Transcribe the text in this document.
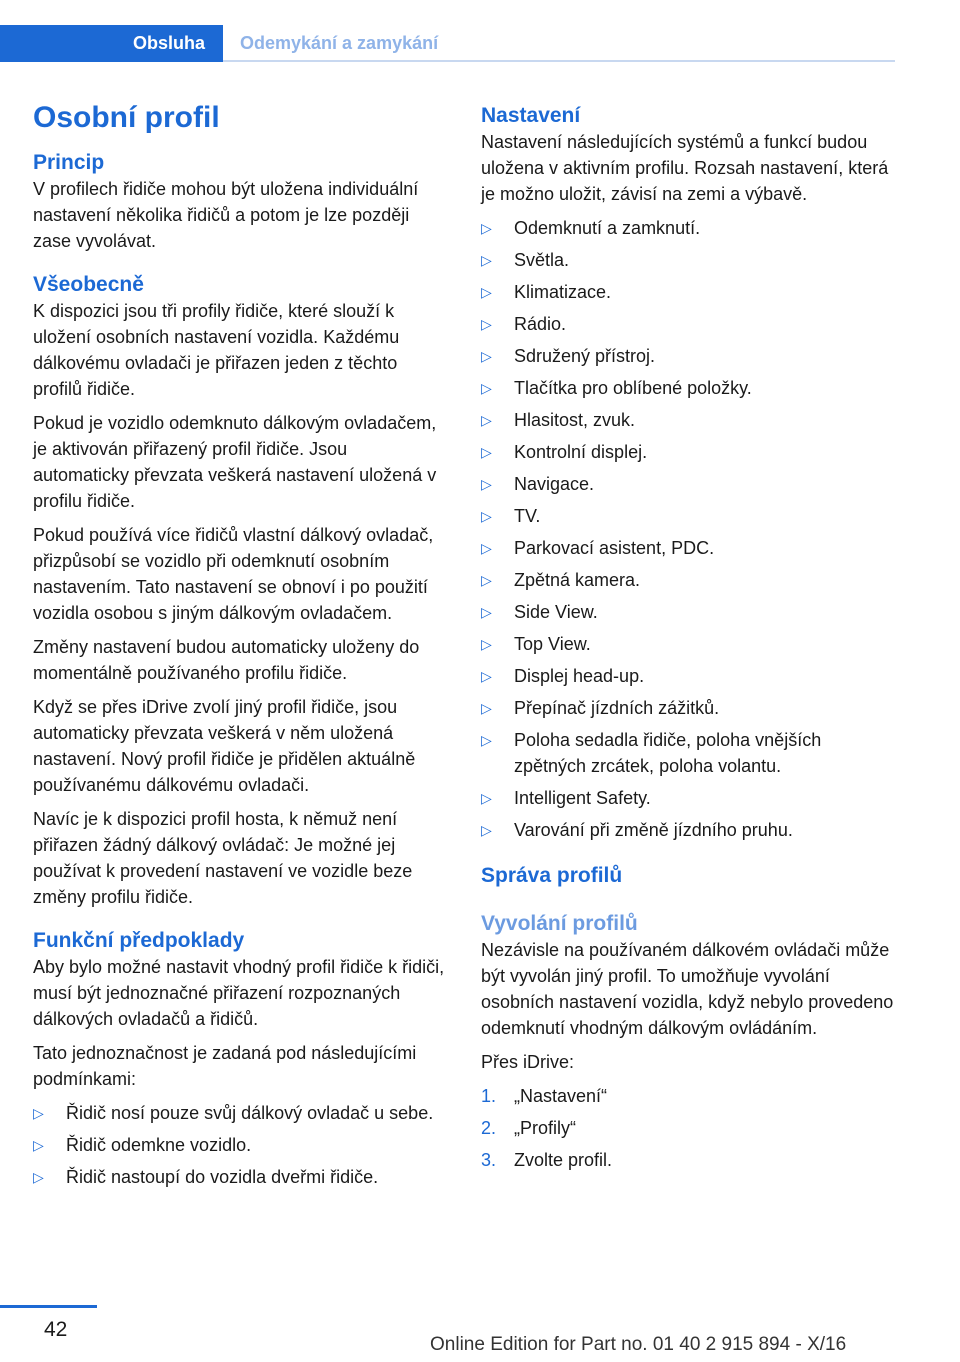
Obsluha Odemykání a zamykání
Osobní profil
Princip

V profilech řidiče mohou být uložena individuální nastavení několika řidičů a potom je lze později zase vyvolávat.

Všeobecně

K dispozici jsou tři profily řidiče, které slouží k uložení osobních nastavení vozidla. Každému dálkovému ovladači je přiřazen jeden z těchto profilů řidiče.

Pokud je vozidlo odemknuto dálkovým ovladačem, je aktivován přiřazený profil řidiče. Jsou automaticky převzata veškerá nastavení uložená v profilu řidiče.

Pokud používá více řidičů vlastní dálkový ovladač, přizpůsobí se vozidlo při odemknutí osobním nastavením. Tato nastavení se obnoví i po použití vozidla osobou s jiným dálkovým ovladačem.

Změny nastavení budou automaticky uloženy do momentálně používaného profilu řidiče.

Když se přes iDrive zvolí jiný profil řidiče, jsou automaticky převzata veškerá v něm uložená nastavení. Nový profil řidiče je přidělen aktuálně používanému dálkovému ovladači.

Navíc je k dispozici profil hosta, k němuž není přiřazen žádný dálkový ovládač: Je možné jej používat k provedení nastavení ve vozidle beze změny profilu řidiče.

Funkční předpoklady

Aby bylo možné nastavit vhodný profil řidiče k řidiči, musí být jednoznačné přiřazení rozpoznaných dálkových ovladačů a řidičů.

Tato jednoznačnost je zadaná pod následujícími podmínkami:

▷ Řidič nosí pouze svůj dálkový ovladač u sebe.
▷ Řidič odemkne vozidlo.
▷ Řidič nastoupí do vozidla dveřmi řidiče.
Nastavení

Nastavení následujících systémů a funkcí budou uložena v aktivním profilu. Rozsah nastavení, která je možno uložit, závisí na zemi a výbavě.

▷ Odemknutí a zamknutí.
▷ Světla.
▷ Klimatizace.
▷ Rádio.
▷ Sdružený přístroj.
▷ Tlačítka pro oblíbené položky.
▷ Hlasitost, zvuk.
▷ Kontrolní displej.
▷ Navigace.
▷ TV.
▷ Parkovací asistent, PDC.
▷ Zpětná kamera.
▷ Side View.
▷ Top View.
▷ Displej head-up.
▷ Přepínač jízdních zážitků.
▷ Poloha sedadla řidiče, poloha vnějších zpětných zrcátek, poloha volantu.
▷ Intelligent Safety.
▷ Varování při změně jízdního pruhu.
Správa profilů
Vyvolání profilů

Nezávisle na používaném dálkovém ovládači může být vyvolán jiný profil. To umožňuje vyvolání osobních nastavení vozidla, když nebylo provedeno odemknutí vhodným dálkovým ovládáním.

Přes iDrive:

1. „Nastavení“
2. „Profily“
3. Zvolte profil.
42
Online Edition for Part no. 01 40 2 915 894 - X/16
